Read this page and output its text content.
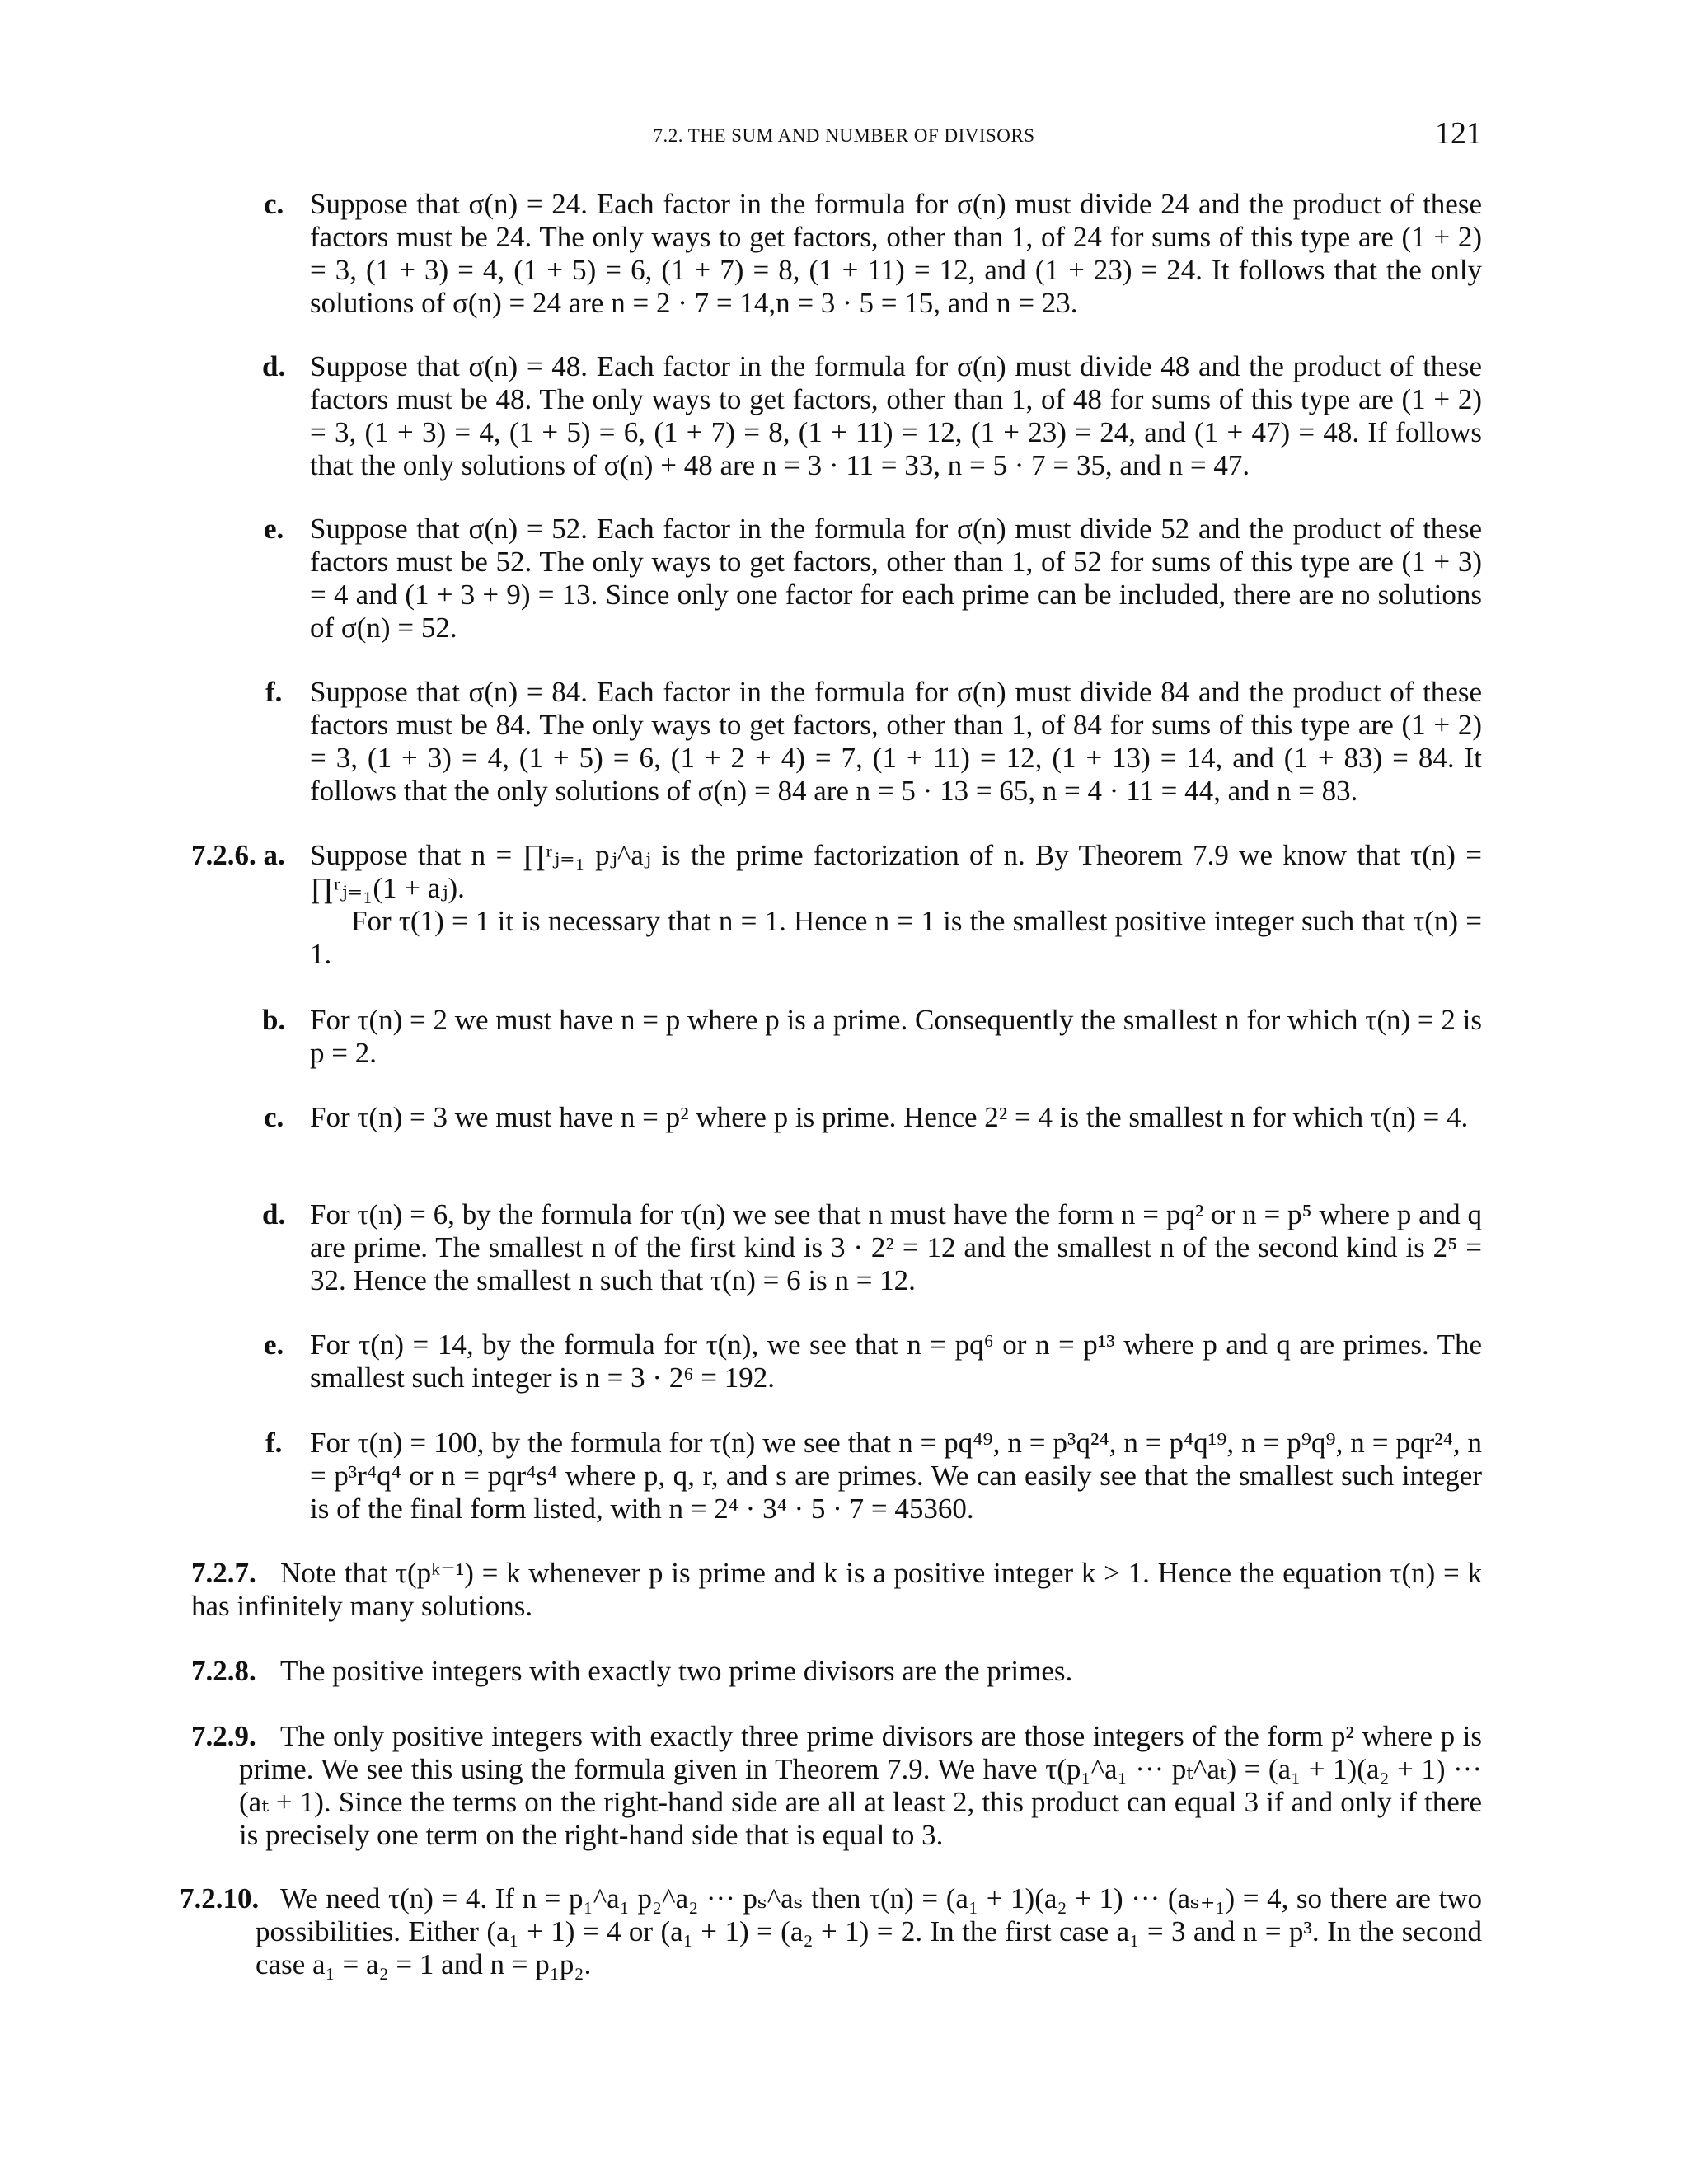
7.2. THE SUM AND NUMBER OF DIVISORS	121
c. Suppose that σ(n) = 24. Each factor in the formula for σ(n) must divide 24 and the product of these factors must be 24. The only ways to get factors, other than 1, of 24 for sums of this type are (1 + 2) = 3, (1 + 3) = 4, (1 + 5) = 6, (1 + 7) = 8, (1 + 11) = 12, and (1 + 23) = 24. It follows that the only solutions of σ(n) = 24 are n = 2 · 7 = 14,n = 3 · 5 = 15, and n = 23.

d. Suppose that σ(n) = 48. Each factor in the formula for σ(n) must divide 48 and the product of these factors must be 48. The only ways to get factors, other than 1, of 48 for sums of this type are (1 + 2) = 3, (1 + 3) = 4, (1 + 5) = 6, (1 + 7) = 8, (1 + 11) = 12, (1 + 23) = 24, and (1 + 47) = 48. If follows that the only solutions of σ(n) + 48 are n = 3 · 11 = 33, n = 5 · 7 = 35, and n = 47.

e. Suppose that σ(n) = 52. Each factor in the formula for σ(n) must divide 52 and the product of these factors must be 52. The only ways to get factors, other than 1, of 52 for sums of this type are (1 + 3) = 4 and (1 + 3 + 9) = 13. Since only one factor for each prime can be included, there are no solutions of σ(n) = 52.

f. Suppose that σ(n) = 84. Each factor in the formula for σ(n) must divide 84 and the product of these factors must be 84. The only ways to get factors, other than 1, of 84 for sums of this type are (1 + 2) = 3, (1 + 3) = 4, (1 + 5) = 6, (1 + 2 + 4) = 7, (1 + 11) = 12, (1 + 13) = 14, and (1 + 83) = 84. It follows that the only solutions of σ(n) = 84 are n = 5 · 13 = 65, n = 4 · 11 = 44, and n = 83.

7.2.6. a. Suppose that n = ∏ʳⱼ₌₁ pⱼ^aⱼ is the prime factorization of n. By Theorem 7.9 we know that τ(n) = ∏ʳⱼ₌₁(1 + aⱼ).

For τ(1) = 1 it is necessary that n = 1. Hence n = 1 is the smallest positive integer such that τ(n) = 1.

b. For τ(n) = 2 we must have n = p where p is a prime. Consequently the smallest n for which τ(n) = 2 is p = 2.

c. For τ(n) = 3 we must have n = p² where p is prime. Hence 2² = 4 is the smallest n for which τ(n) = 4.

d. For τ(n) = 6, by the formula for τ(n) we see that n must have the form n = pq² or n = p⁵ where p and q are prime. The smallest n of the first kind is 3 · 2² = 12 and the smallest n of the second kind is 2⁵ = 32. Hence the smallest n such that τ(n) = 6 is n = 12.

e. For τ(n) = 14, by the formula for τ(n), we see that n = pq⁶ or n = p¹³ where p and q are primes. The smallest such integer is n = 3 · 2⁶ = 192.

f. For τ(n) = 100, by the formula for τ(n) we see that n = pq⁴⁹, n = p³q²⁴, n = p⁴q¹⁹, n = p⁹q⁹, n = pqr²⁴, n = p³r⁴q⁴ or n = pqr⁴s⁴ where p, q, r, and s are primes. We can easily see that the smallest such integer is of the final form listed, with n = 2⁴ · 3⁴ · 5 · 7 = 45360.

7.2.7. Note that τ(pᵏ⁻¹) = k whenever p is prime and k is a positive integer k > 1. Hence the equation τ(n) = k has infinitely many solutions.

7.2.8. The positive integers with exactly two prime divisors are the primes.

7.2.9. The only positive integers with exactly three prime divisors are those integers of the form p² where p is prime. We see this using the formula given in Theorem 7.9. We have τ(p₁^a₁ ··· pₜ^aₜ) = (a₁ + 1)(a₂ + 1) ··· (aₜ + 1). Since the terms on the right-hand side are all at least 2, this product can equal 3 if and only if there is precisely one term on the right-hand side that is equal to 3.

7.2.10. We need τ(n) = 4. If n = p₁^a₁ p₂^a₂ ··· pₛ^aₛ then τ(n) = (a₁ + 1)(a₂ + 1) ··· (aₛ₊₁) = 4, so there are two possibilities. Either (a₁ + 1) = 4 or (a₁ + 1) = (a₂ + 1) = 2. In the first case a₁ = 3 and n = p³. In the second case a₁ = a₂ = 1 and n = p₁p₂.
